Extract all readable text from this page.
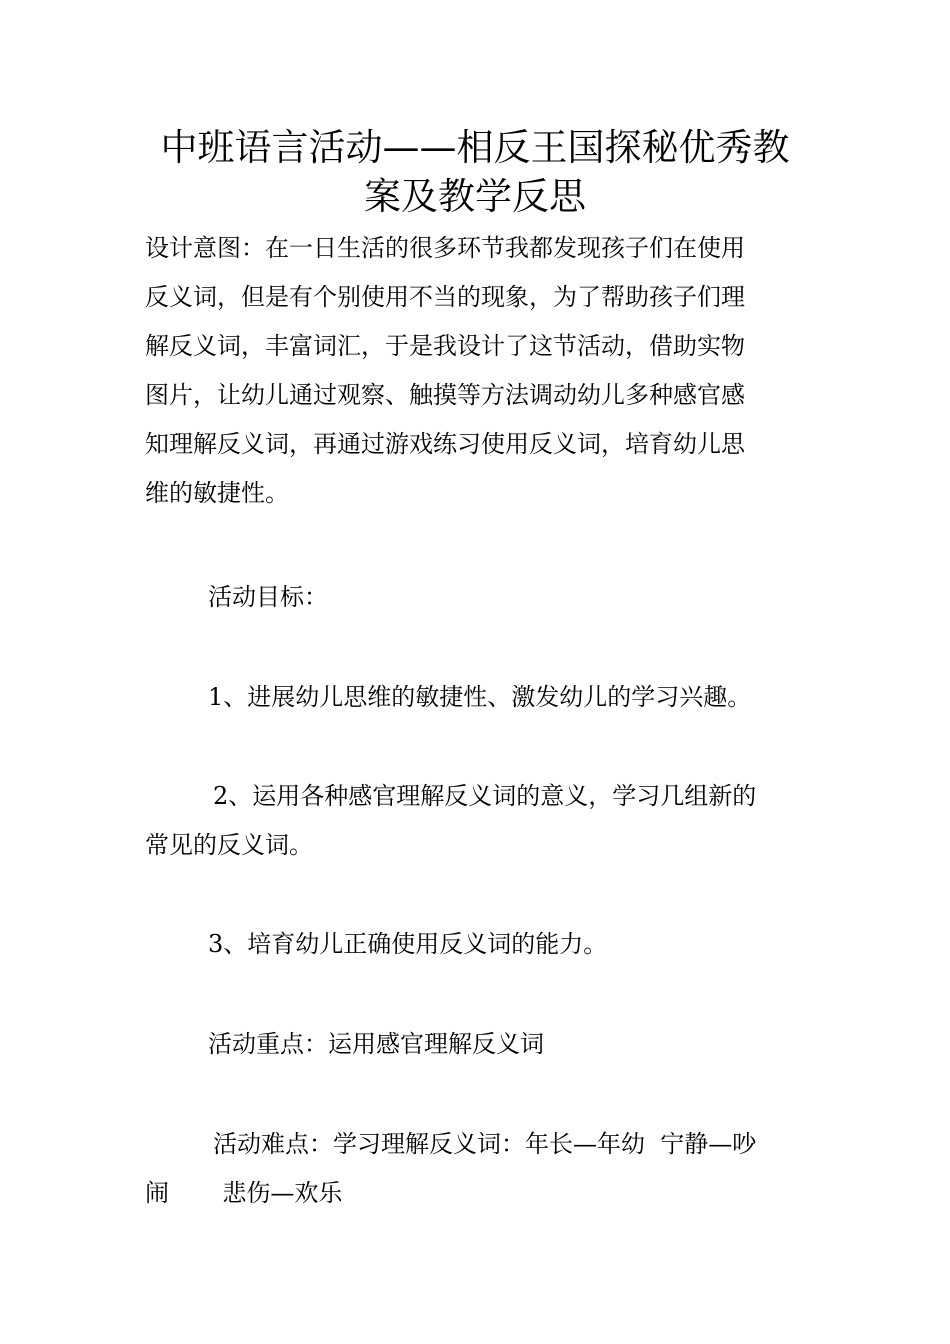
中班语言活动——相反王国探秘优秀教
案及教学反思
设计意图：在一日生活的很多环节我都发现孩子们在使用
反义词，但是有个别使用不当的现象，为了帮助孩子们理
解反义词，丰富词汇，于是我设计了这节活动，借助实物
图片，让幼儿通过观察、触摸等方法调动幼儿多种感官感
知理解反义词，再通过游戏练习使用反义词，培育幼儿思
维的敏捷性。
活动目标：
1、进展幼儿思维的敏捷性、激发幼儿的学习兴趣。
2、运用各种感官理解反义词的意义，学习几组新的
常见的反义词。
3、培育幼儿正确使用反义词的能力。
活动重点：运用感官理解反义词
活动难点：学习理解反义词：年长—年幼  宁静—吵
闹       悲伤—欢乐
